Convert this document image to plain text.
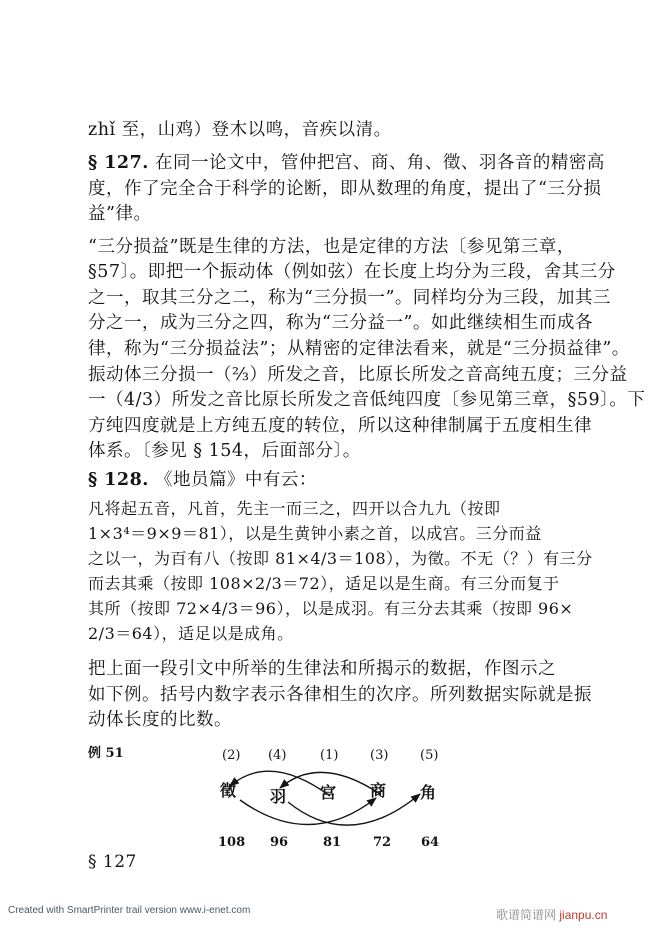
zhǐ 至，山鸡）登木以鸣，音疾以清。
§ 127. 在同一论文中，管仲把宫、商、角、徵、羽各音的精密高
度，作了完全合于科学的论断，即从数理的角度，提出了“三分损
益”律。
“三分损益”既是生律的方法，也是定律的方法〔参见第三章，
§57〕。即把一个振动体（例如弦）在长度上均分为三段，舍其三分
之一，取其三分之二，称为“三分损一”。同样均分为三段，加其三
分之一，成为三分之四，称为“三分益一”。如此继续相生而成各
律，称为“三分损益法”；从精密的定律法看来，就是“三分损益律”。
振动体三分损一（⅔）所发之音，比原长所发之音高纯五度；三分益
一（4/3）所发之音比原长所发之音低纯四度〔参见第三章，§59〕。下
方纯四度就是上方纯五度的转位，所以这种律制属于五度相生律
体系。〔参见 § 154，后面部分〕。
§ 128. 《地员篇》中有云：
凡将起五音，凡首，先主一而三之，四开以合九九（按即
1×3⁴＝9×9＝81），以是生黄钟小素之首，以成宫。三分而益
之以一，为百有八（按即 81×4/3＝108），为徵。不无（？）有三分
而去其乘（按即 108×2/3＝72），适足以是生商。有三分而复于
其所（按即 72×4/3＝96），以是成羽。有三分去其乘（按即 96×
2/3＝64），适足以是成角。
把上面一段引文中所举的生律法和所揭示的数据，作图示之
如下例。括号内数字表示各律相生的次序。所列数据实际就是振
动体长度的比数。
例 51	(2) (4)	(1) (3) (5)
徵 羽 宫 商 角
108 96	81 72 64
§ 127
Created with SmartPrinter trail version www.i-enet.com	歌谱简谱网 jianpu.cn
